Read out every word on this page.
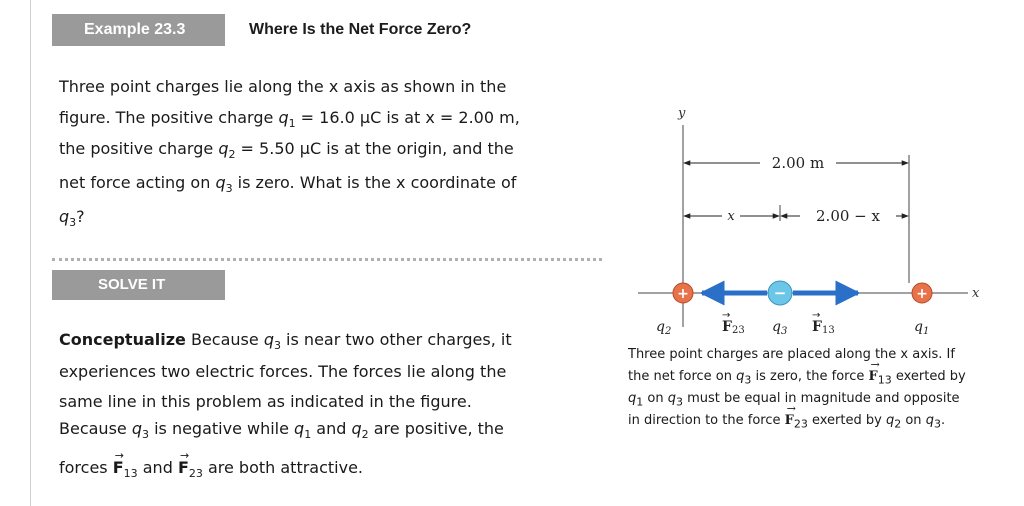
Example 23.3	Where Is the Net Force Zero?
Three point charges lie along the x axis as shown in the
figure. The positive charge $q_1 = 16.0$ μC is at x = 2.00 m,
the positive charge $q_2 = 5.50$ μC is at the origin, and the
net force acting on $q_3$ is zero. What is the x coordinate of
$q_3$?
SOLVE IT
Conceptualize Because $q_3$ is near two other charges, it
experiences two electric forces. The forces lie along the
same line in this problem as indicated in the figure.
Because $q_3$ is negative while $q_1$ and $q_2$ are positive, the
forces → $F_{13}$ and → $F_{23}$ are both attractive.
y
2.00 m
x	2.00 − x
x
+	−	+
$q_2$	F23
→
$q_3$ F13
→
$q_1$
Three point charges are placed along the x axis. If
the net force on $q_3$ is zero, the force → $F_{13}$ exerted by
$q_1$ on $q_3$ must be equal in magnitude and opposite
in direction to the force → $F_{23}$ exerted by $q_2$ on $q_3$.
